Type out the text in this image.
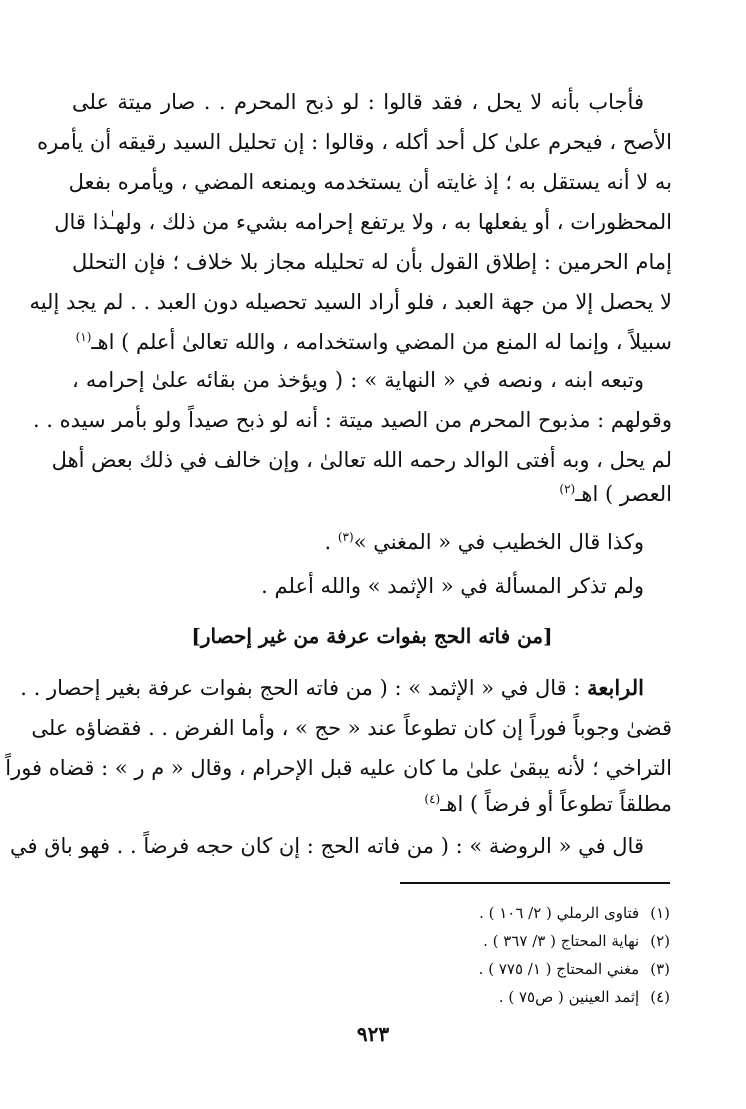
فأجاب بأنه لا يحل ، فقد قالوا : لو ذبح المحرم . . صار ميتة على
الأصح ، فيحرم علىٰ كل أحد أكله ، وقالوا : إن تحليل السيد رقيقه أن يأمره
به لا أنه يستقل به ؛ إذ غايته أن يستخدمه ويمنعه المضي ، ويأمره بفعل
المحظورات ، أو يفعلها به ، ولا يرتفع إحرامه بشيء من ذلك ، ولهـٰذا قال
إمام الحرمين : إطلاق القول بأن له تحليله مجاز بلا خلاف ؛ فإن التحلل
لا يحصل إلا من جهة العبد ، فلو أراد السيد تحصيله دون العبد . . لم يجد إليه
سبيلاً ، وإنما له المنع من المضي واستخدامه ، والله تعالىٰ أعلم ) اهـ$^{(١)}$
وتبعه ابنه ، ونصه في « النهاية » : ( ويؤخذ من بقائه علىٰ إحرامه ،
وقولهم : مذبوح المحرم من الصيد ميتة : أنه لو ذبح صيداً ولو بأمر سيده . .
لم يحل ، وبه أفتى الوالد رحمه الله تعالىٰ ، وإن خالف في ذلك بعض أهل
العصر ) اهـ$^{(٢)}$
وكذا قال الخطيب في « المغني »$^{(٣)}$ .
ولم تذكر المسألة في « الإثمد » والله أعلم .
[من فاته الحج بفوات عرفة من غير إحصار]
الرابعة : قال في « الإثمد » : ( من فاته الحج بفوات عرفة بغير إحصار . .
قضىٰ وجوباً فوراً إن كان تطوعاً عند « حج » ، وأما الفرض . . فقضاؤه على
التراخي ؛ لأنه يبقىٰ علىٰ ما كان عليه قبل الإحرام ، وقال « م ر » : قضاه فوراً
مطلقاً تطوعاً أو فرضاً ) اهـ$^{(٤)}$
قال في « الروضة » : ( من فاته الحج : إن كان حجه فرضاً . . فهو باق في
(١) فتاوى الرملي ( ٢/ ١٠٦ ) .
(٢) نهاية المحتاج ( ٣/ ٣٦٧ ) .
(٣) مغني المحتاج ( ١/ ٧٧٥ ) .
(٤) إثمد العينين ( ص٧٥ ) .
٩٢٣
